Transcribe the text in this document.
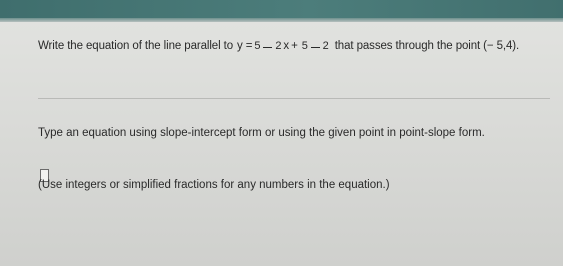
Write the equation of the line parallel to y = 5 2 x + 5 2 that passes through the point (− 5,4).
Type an equation using slope-intercept form or using the given point in point-slope form.
(Use integers or simplified fractions for any numbers in the equation.)
